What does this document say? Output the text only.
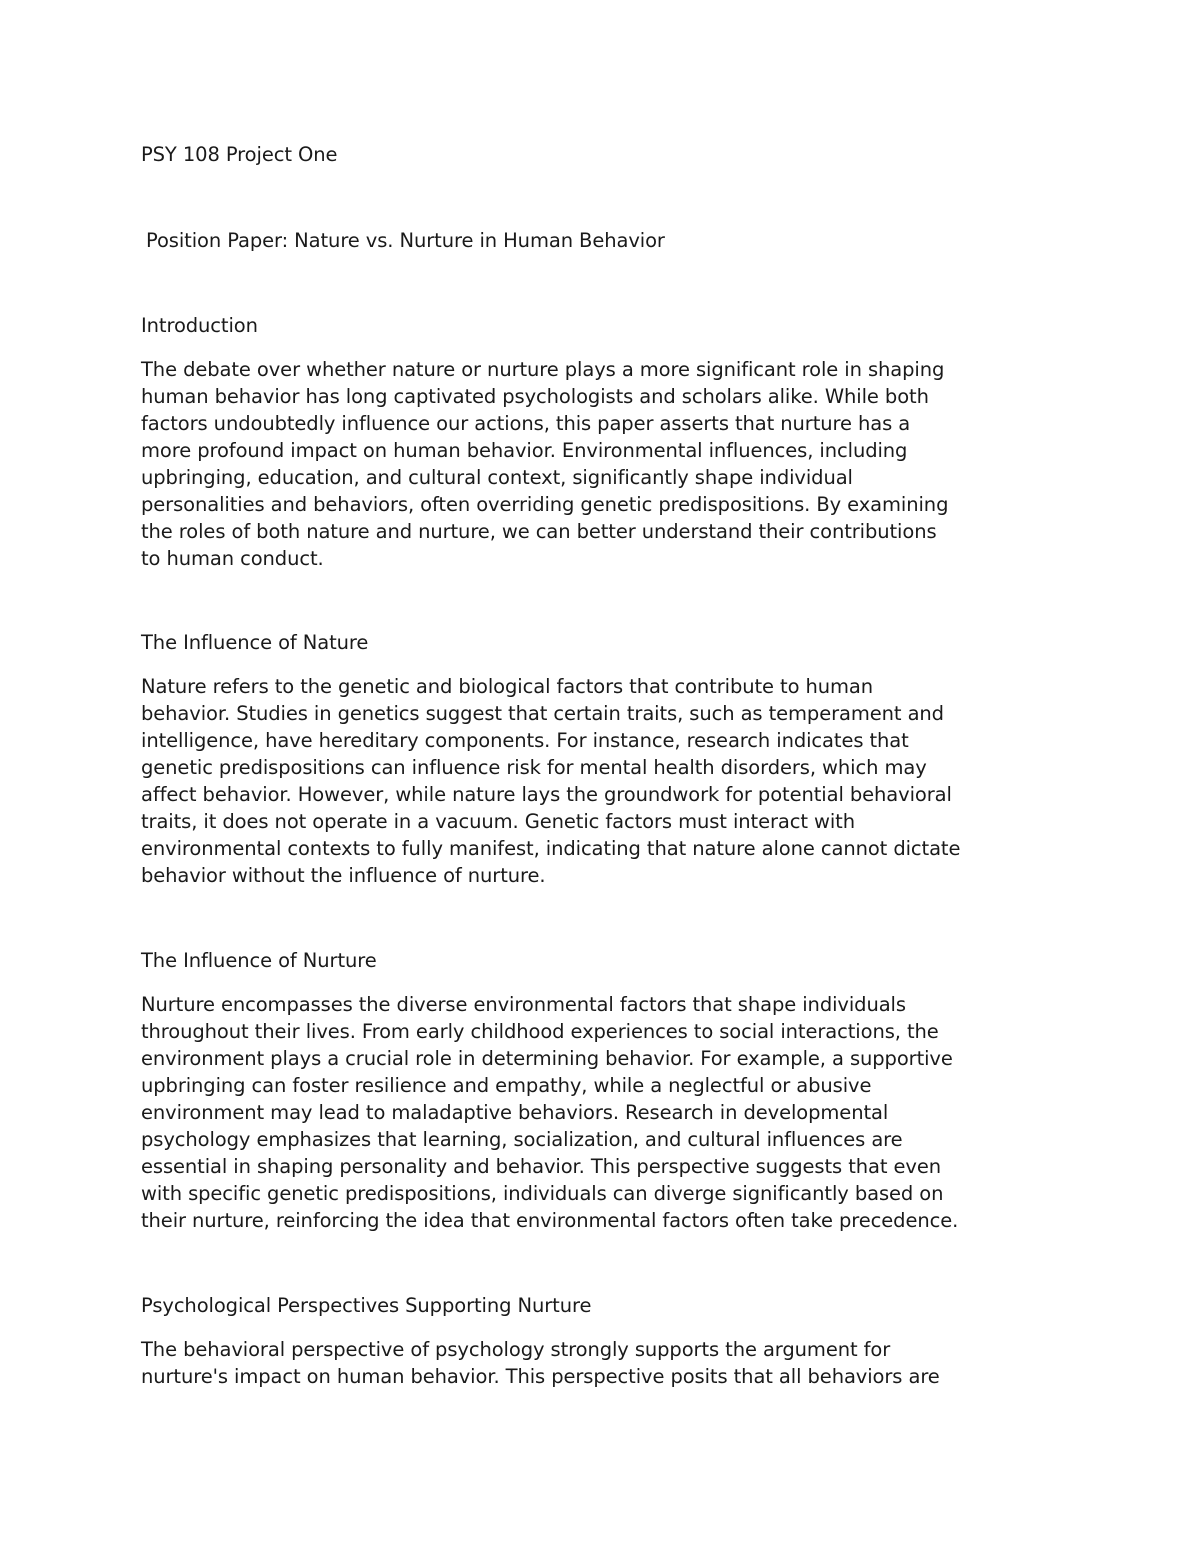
PSY 108 Project One

Position Paper: Nature vs. Nurture in Human Behavior

Introduction

The debate over whether nature or nurture plays a more significant role in shaping
human behavior has long captivated psychologists and scholars alike. While both
factors undoubtedly influence our actions, this paper asserts that nurture has a
more profound impact on human behavior. Environmental influences, including
upbringing, education, and cultural context, significantly shape individual
personalities and behaviors, often overriding genetic predispositions. By examining
the roles of both nature and nurture, we can better understand their contributions
to human conduct.

The Influence of Nature

Nature refers to the genetic and biological factors that contribute to human
behavior. Studies in genetics suggest that certain traits, such as temperament and
intelligence, have hereditary components. For instance, research indicates that
genetic predispositions can influence risk for mental health disorders, which may
affect behavior. However, while nature lays the groundwork for potential behavioral
traits, it does not operate in a vacuum. Genetic factors must interact with
environmental contexts to fully manifest, indicating that nature alone cannot dictate
behavior without the influence of nurture.

The Influence of Nurture

Nurture encompasses the diverse environmental factors that shape individuals
throughout their lives. From early childhood experiences to social interactions, the
environment plays a crucial role in determining behavior. For example, a supportive
upbringing can foster resilience and empathy, while a neglectful or abusive
environment may lead to maladaptive behaviors. Research in developmental
psychology emphasizes that learning, socialization, and cultural influences are
essential in shaping personality and behavior. This perspective suggests that even
with specific genetic predispositions, individuals can diverge significantly based on
their nurture, reinforcing the idea that environmental factors often take precedence.

Psychological Perspectives Supporting Nurture

The behavioral perspective of psychology strongly supports the argument for
nurture's impact on human behavior. This perspective posits that all behaviors are
